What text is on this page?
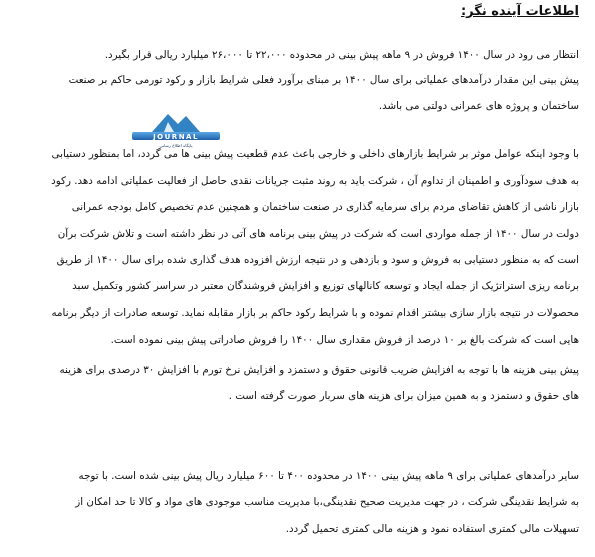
اطلاعات آینده نگر:
انتظار می رود در سال ۱۴۰۰ فروش در ۹ ماهه پیش بینی در محدوده ۲۲،۰۰۰ تا ۲۶،۰۰۰ میلیارد ریالی قرار بگیرد.
پیش بینی این مقدار درآمدهای عملیاتی برای سال ۱۴۰۰ بر مبنای برآورد فعلی شرایط بازار و رکود تورمی حاکم بر صنعت
ساختمان و پروژه های عمرانی دولتی می باشد.
JOURNAL
پایگاه اطلاع رسانی
با وجود اینکه عوامل موثر بر شرایط بازارهای داخلی و خارجی باعث عدم قطعیت پیش بینی ها می گردد، اما بمنظور دستیابی
به هدف سودآوری و اطمینان از تداوم آن ، شرکت باید به روند مثبت جریانات نقدی حاصل از فعالیت عملیاتی ادامه دهد. رکود
بازار ناشی از کاهش تقاضای مردم برای سرمایه گذاری در صنعت ساختمان و همچنین عدم تخصیص کامل بودجه عمرانی
دولت در سال ۱۴۰۰ از جمله مواردی است که شرکت در پیش بینی برنامه های آتی در نظر داشته است و تلاش شرکت برآن
است که به منظور دستیابی به فروش و سود و بازدهی و در نتیجه ارزش افزوده هدف گذاری شده برای سال ۱۴۰۰ از طریق
برنامه ریزی استراتژیک از جمله ایجاد و توسعه کانالهای توزیع و افزایش فروشندگان معتبر در سراسر کشور وتکمیل سبد
محصولات در نتیجه بازار سازی بیشتر اقدام نموده و با شرایط رکود حاکم بر بازار مقابله نماید. توسعه صادرات از دیگر برنامه
هایی است که شرکت بالغ بر ۱۰ درصد از فروش مقداری سال ۱۴۰۰ را فروش صادراتی پیش بینی نموده است.
پیش بینی هزینه ها با توجه به افزایش ضریب قانونی حقوق و دستمزد و افزایش نرخ تورم با افزایش ۳۰ درصدی برای هزینه
های حقوق و دستمزد و به همین میزان برای هزینه های سربار صورت گرفته است .
سایر درآمدهای عملیاتی برای ۹ ماهه پیش بینی ۱۴۰۰ در محدوده ۴۰۰ تا ۶۰۰ میلیارد ریال پیش بینی شده است. با توجه
به شرایط نقدینگی شرکت ، در جهت مدیریت صحیح نقدینگی،با مدیریت مناسب موجودی های مواد و کالا تا حد امکان از
تسهیلات مالی کمتری استفاده نمود و هزینه مالی کمتری تحمیل گردد.
